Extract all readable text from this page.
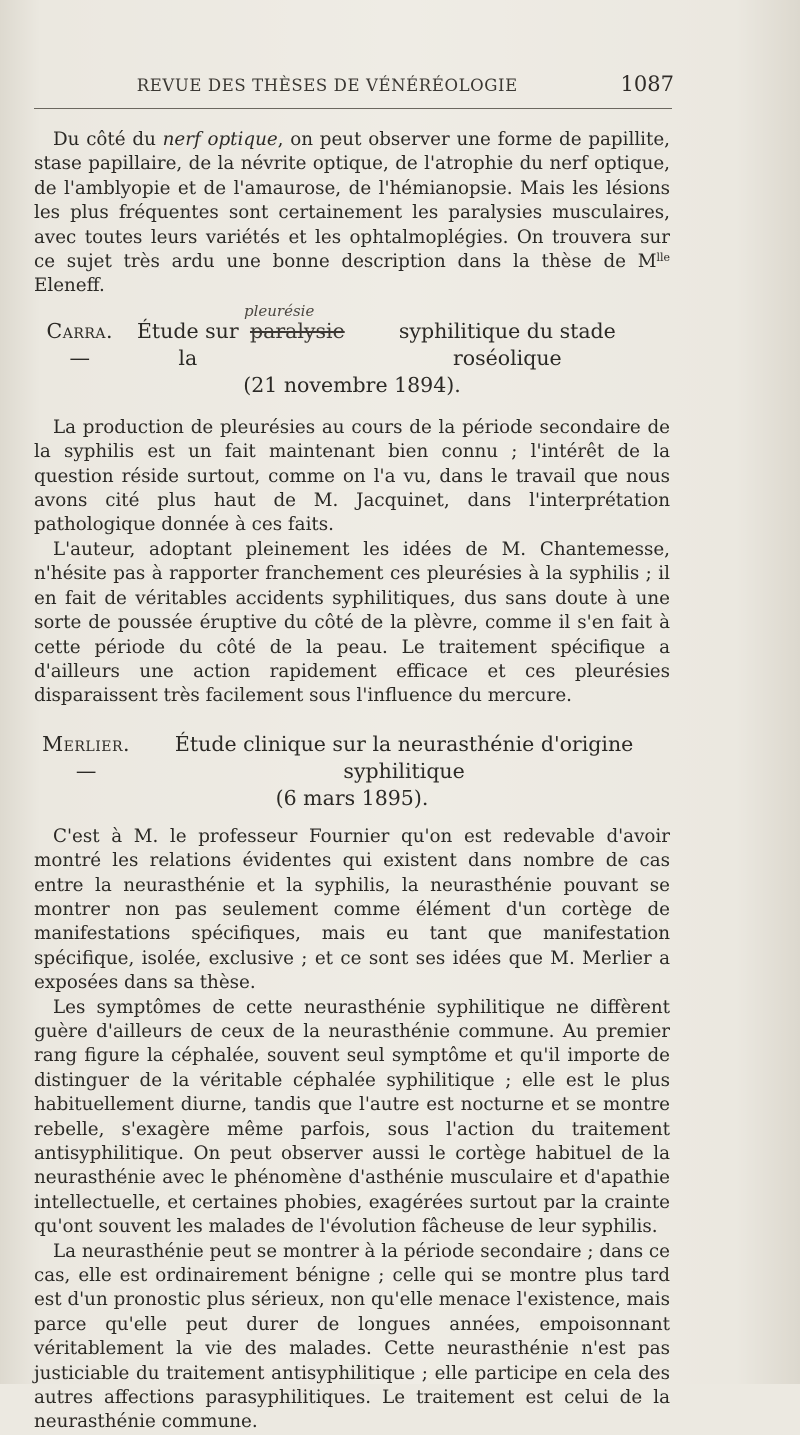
REVUE DES THÈSES DE VÉNÉRÉOLOGIE	1087

Du côté du nerf optique, on peut observer une forme de papillite, stase papillaire, de la névrite optique, de l'atrophie du nerf optique, de l'amblyopie et de l'amaurose, de l'hémianopsie. Mais les lésions les plus fréquentes sont certainement les paralysies musculaires, avec toutes leurs variétés et les ophtalmoplégies. On trouvera sur ce sujet très ardu une bonne description dans la thèse de $M^{lle}$ Eleneff.

Carra. —
Étude sur la
pleurésie
paralysie	syphilitique du stade roséolique
(21 novembre 1894).

La production de pleurésies au cours de la période secondaire de la syphilis est un fait maintenant bien connu ; l'intérêt de la question réside surtout, comme on l'a vu, dans le travail que nous avons cité plus haut de M. Jacquinet, dans l'interprétation pathologique donnée à ces faits.

L'auteur, adoptant pleinement les idées de M. Chantemesse, n'hésite pas à rapporter franchement ces pleurésies à la syphilis ; il en fait de véritables accidents syphilitiques, dus sans doute à une sorte de poussée éruptive du côté de la plèvre, comme il s'en fait à cette période du côté de la peau. Le traitement spécifique a d'ailleurs une action rapidement efficace et ces pleurésies disparaissent très facilement sous l'influence du mercure.

Merlier. —
Étude clinique sur la neurasthénie d'origine syphilitique
(6 mars 1895).

C'est à M. le professeur Fournier qu'on est redevable d'avoir montré les relations évidentes qui existent dans nombre de cas entre la neurasthénie et la syphilis, la neurasthénie pouvant se montrer non pas seulement comme élément d'un cortège de manifestations spécifiques, mais eu tant que manifestation spécifique, isolée, exclusive ; et ce sont ses idées que M. Merlier a exposées dans sa thèse.

Les symptômes de cette neurasthénie syphilitique ne diffèrent guère d'ailleurs de ceux de la neurasthénie commune. Au premier rang figure la céphalée, souvent seul symptôme et qu'il importe de distinguer de la véritable céphalée syphilitique ; elle est le plus habituellement diurne, tandis que l'autre est nocturne et se montre rebelle, s'exagère même parfois, sous l'action du traitement antisyphilitique. On peut observer aussi le cortège habituel de la neurasthénie avec le phénomène d'asthénie musculaire et d'apathie intellectuelle, et certaines phobies, exagérées surtout par la crainte qu'ont souvent les malades de l'évolution fâcheuse de leur syphilis.

La neurasthénie peut se montrer à la période secondaire ; dans ce cas, elle est ordinairement bénigne ; celle qui se montre plus tard est d'un pronostic plus sérieux, non qu'elle menace l'existence, mais parce qu'elle peut durer de longues années, empoisonnant véritablement la vie des malades. Cette neurasthénie n'est pas justiciable du traitement antisyphilitique ; elle participe en cela des autres affections parasyphilitiques. Le traitement est celui de la neurasthénie commune.
